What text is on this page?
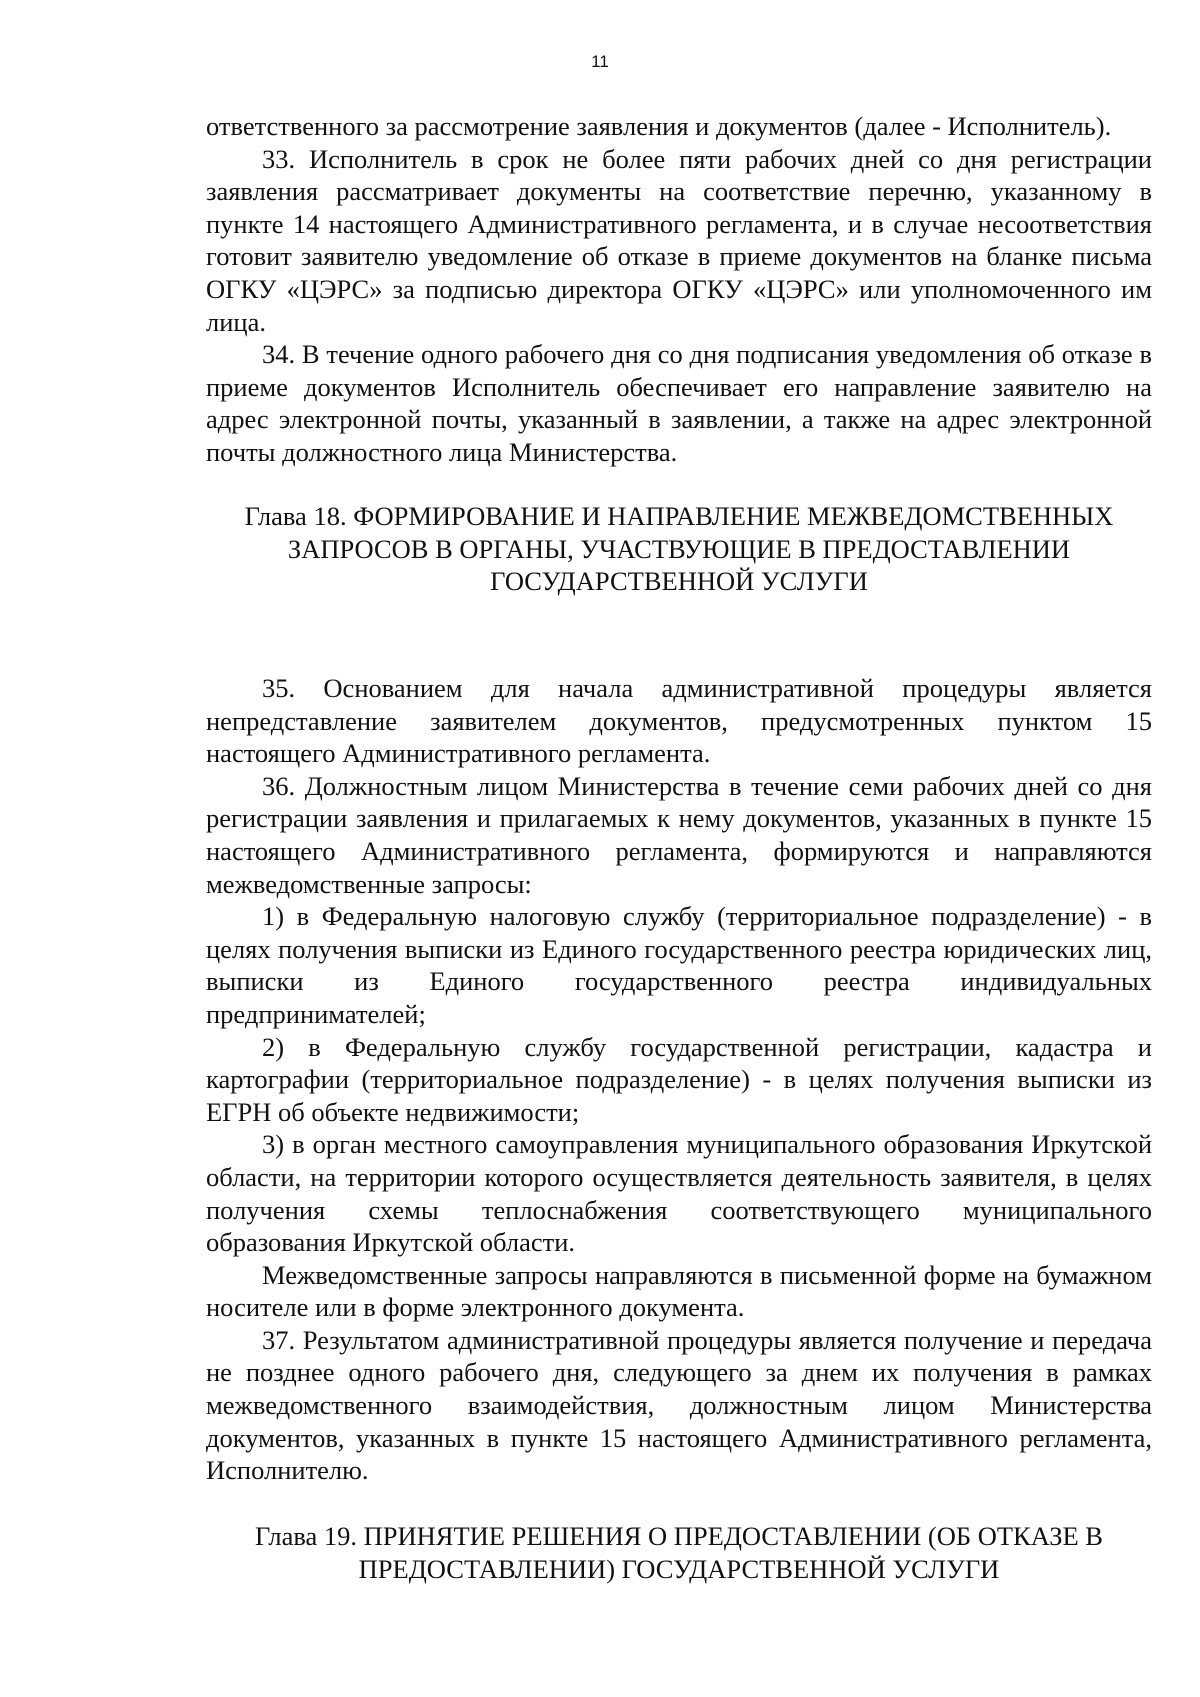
11

ответственного за рассмотрение заявления и документов (далее - Исполнитель).

33. Исполнитель в срок не более пяти рабочих дней со дня регистрации заявления рассматривает документы на соответствие перечню, указанному в пункте 14 настоящего Административного регламента, и в случае несоответствия готовит заявителю уведомление об отказе в приеме документов на бланке письма ОГКУ «ЦЭРС» за подписью директора ОГКУ «ЦЭРС» или уполномоченного им лица.

34. В течение одного рабочего дня со дня подписания уведомления об отказе в приеме документов Исполнитель обеспечивает его направление заявителю на адрес электронной почты, указанный в заявлении, а также на адрес электронной почты должностного лица Министерства.

Глава 18. ФОРМИРОВАНИЕ И НАПРАВЛЕНИЕ МЕЖВЕДОМСТВЕННЫХ
ЗАПРОСОВ В ОРГАНЫ, УЧАСТВУЮЩИЕ В ПРЕДОСТАВЛЕНИИ
ГОСУДАРСТВЕННОЙ УСЛУГИ

35. Основанием для начала административной процедуры является непредставление заявителем документов, предусмотренных пунктом 15 настоящего Административного регламента.

36. Должностным лицом Министерства в течение семи рабочих дней со дня регистрации заявления и прилагаемых к нему документов, указанных в пункте 15 настоящего Административного регламента, формируются и направляются межведомственные запросы:

1) в Федеральную налоговую службу (территориальное подразделение) - в целях получения выписки из Единого государственного реестра юридических лиц, выписки из Единого государственного реестра индивидуальных предпринимателей;

2) в Федеральную службу государственной регистрации, кадастра и картографии (территориальное подразделение) - в целях получения выписки из ЕГРН об объекте недвижимости;

3) в орган местного самоуправления муниципального образования Иркутской области, на территории которого осуществляется деятельность заявителя, в целях получения схемы теплоснабжения соответствующего муниципального образования Иркутской области.

Межведомственные запросы направляются в письменной форме на бумажном носителе или в форме электронного документа.

37. Результатом административной процедуры является получение и передача не позднее одного рабочего дня, следующего за днем их получения в рамках межведомственного взаимодействия, должностным лицом Министерства документов, указанных в пункте 15 настоящего Административного регламента, Исполнителю.

Глава 19. ПРИНЯТИЕ РЕШЕНИЯ О ПРЕДОСТАВЛЕНИИ (ОБ ОТКАЗЕ В
ПРЕДОСТАВЛЕНИИ) ГОСУДАРСТВЕННОЙ УСЛУГИ
